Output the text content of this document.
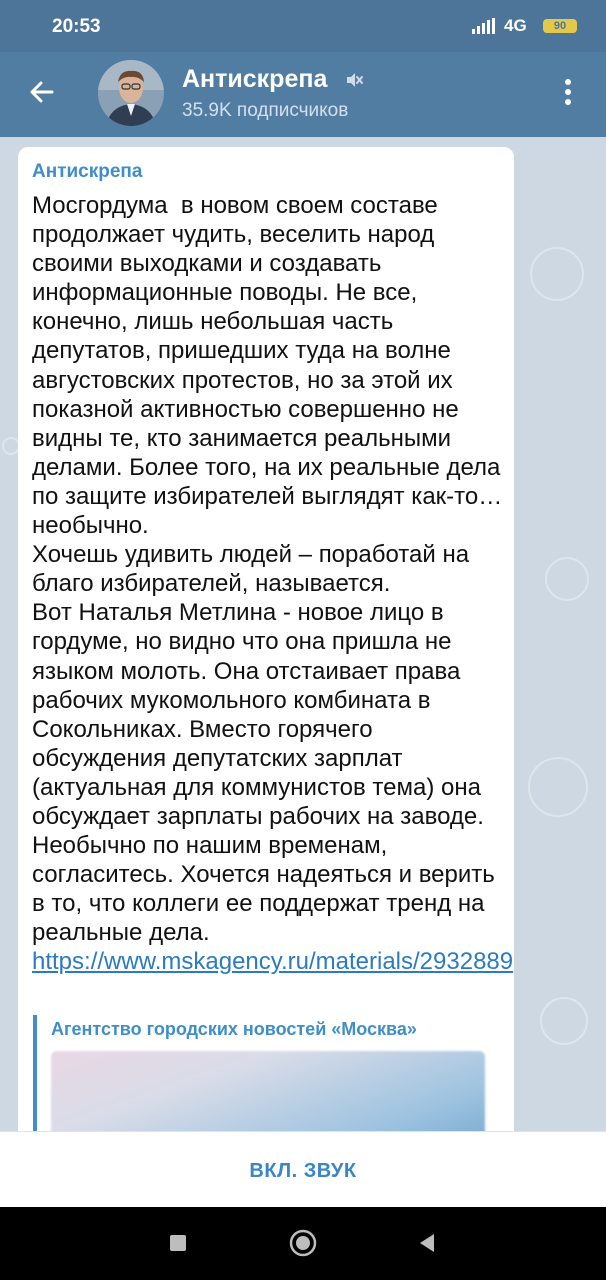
20:53	4G	90
Антискрепа
35.9K подписчиков
Антискрепа
Мосгордума  в новом своем составе продолжает чудить, веселить народ своими выходками и создавать информационные поводы. Не все, конечно, лишь небольшая часть депутатов, пришедших туда на волне августовских протестов, но за этой их показной активностью совершенно не видны те, кто занимается реальными делами. Более того, на их реальные дела по защите избирателей выглядят как-то… необычно.
Хочешь удивить людей – поработай на благо избирателей, называется.
Вот Наталья Метлина - новое лицо в гордуме, но видно что она пришла не языком молоть. Она отстаивает права рабочих мукомольного комбината в Сокольниках. Вместо горячего обсуждения депутатских зарплат (актуальная для коммунистов тема) она обсуждает зарплаты рабочих на заводе. Необычно по нашим временам, согласитесь. Хочется надеяться и верить в то, что коллеги ее поддержат тренд на реальные дела.
https://www.mskagency.ru/materials/2932889
Агентство городских новостей «Москва»
ВКЛ. ЗВУК
